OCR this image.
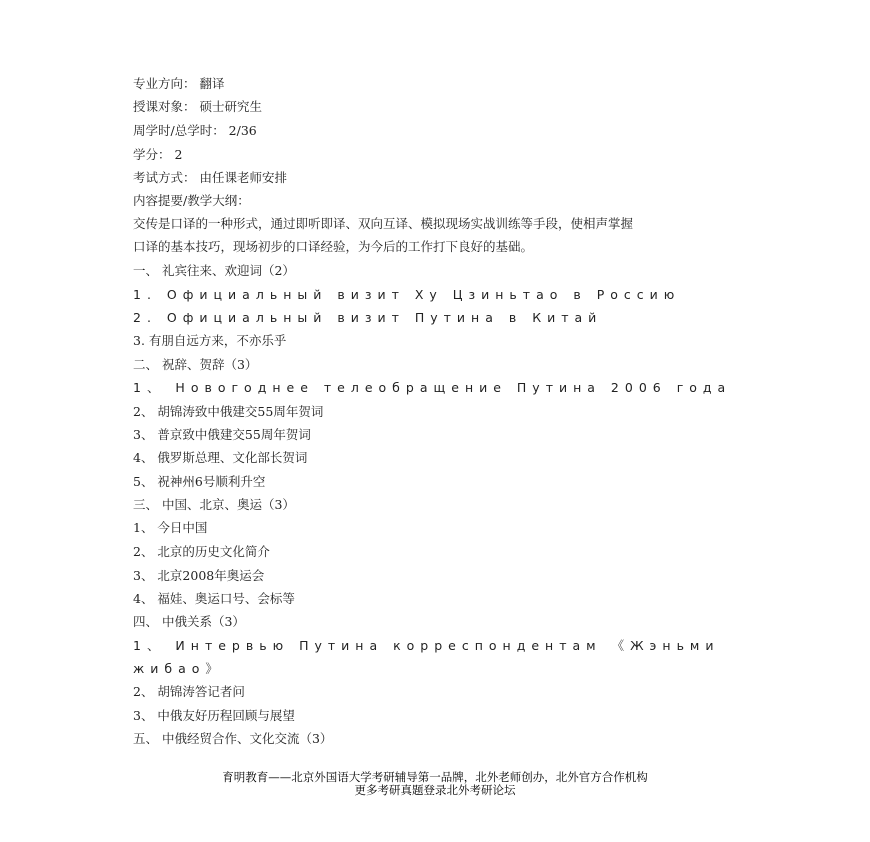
专业方向： 翻译
授课对象： 硕士研究生
周学时/总学时： 2/36
学分： 2
考试方式： 由任课老师安排
内容提要/教学大纲：
交传是口译的一种形式，通过即听即译、双向互译、模拟现场实战训练等手段，使相声掌握
口译的基本技巧，现场初步的口译经验，为今后的工作打下良好的基础。
一、 礼宾往来、欢迎词（2）
1. Официальный визит Ху Цзиньтао в Россию
2. Официальный визит Путина в Китай
3. 有朋自远方来，不亦乐乎
二、 祝辞、贺辞（3）
1、 Новогоднее телеобращение Путина 2006 года
2、 胡锦涛致中俄建交55周年贺词
3、 普京致中俄建交55周年贺词
4、 俄罗斯总理、文化部长贺词
5、 祝神州6号顺利升空
三、 中国、北京、奥运（3）
1、 今日中国
2、 北京的历史文化简介
3、 北京2008年奥运会
4、 福娃、奥运口号、会标等
四、 中俄关系（3）
1、 Интервью Путина корреспондентам 《Жэньми
жибао》
2、 胡锦涛答记者问
3、 中俄友好历程回顾与展望
五、 中俄经贸合作、文化交流（3）
育明教育——北京外国语大学考研辅导第一品牌，北外老师创办，北外官方合作机构
更多考研真题登录北外考研论坛
